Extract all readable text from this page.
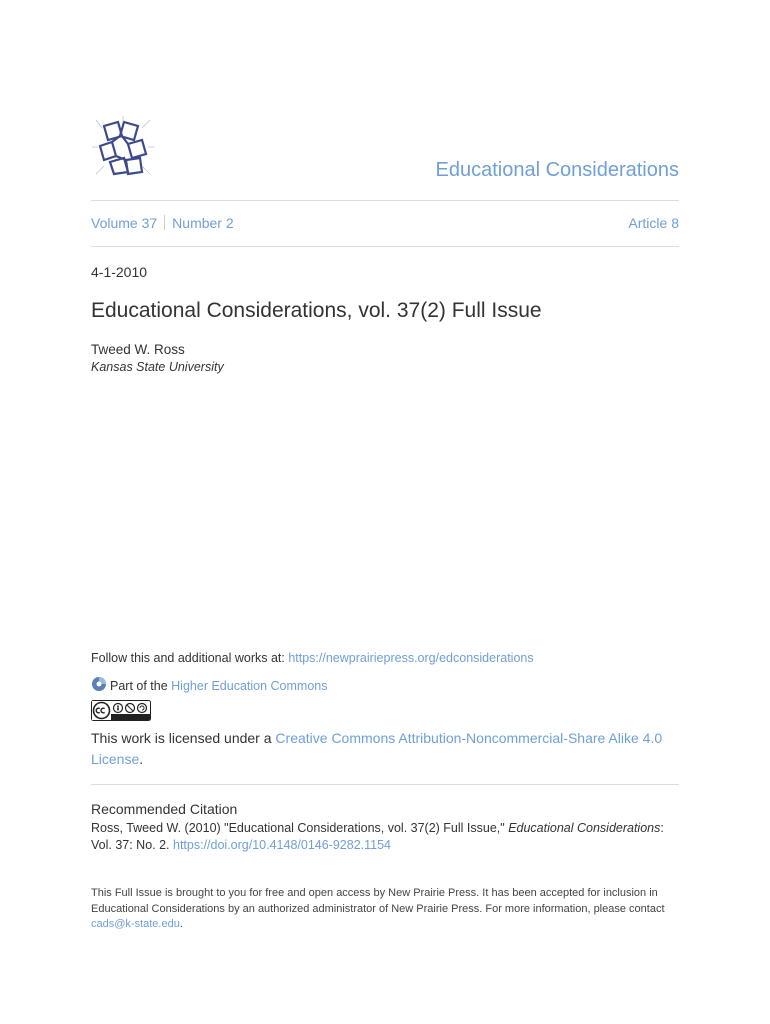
Educational Considerations
Volume 37 Number 2	Article 8
4-1-2010
Educational Considerations, vol. 37(2) Full Issue
Tweed W. Ross
Kansas State University
Follow this and additional works at: https://newprairiepress.org/edconsiderations
Part of the Higher Education Commons
This work is licensed under a Creative Commons Attribution-Noncommercial-Share Alike 4.0 License.
Recommended Citation
Ross, Tweed W. (2010) "Educational Considerations, vol. 37(2) Full Issue," Educational Considerations: Vol. 37: No. 2. https://doi.org/10.4148/0146-9282.1154
This Full Issue is brought to you for free and open access by New Prairie Press. It has been accepted for inclusion in Educational Considerations by an authorized administrator of New Prairie Press. For more information, please contact cads@k-state.edu.
